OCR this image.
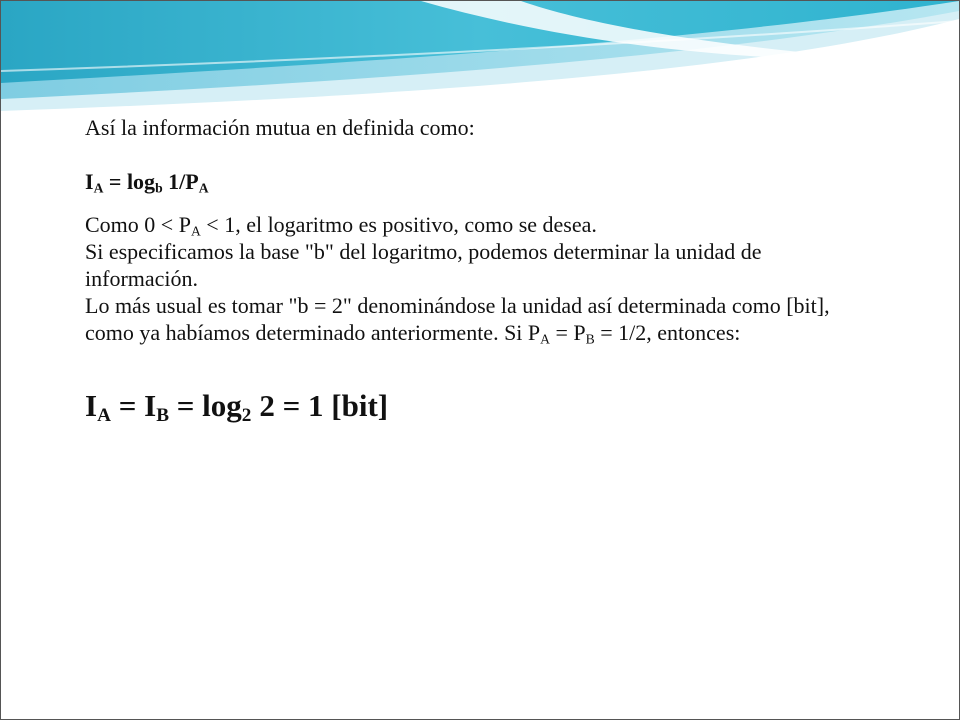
Así la información mutua en definida como:

$I_A = \log_b 1/P_A$

Como $0 < P_A < 1$, el logaritmo es positivo, como se desea.

Si especificamos la base "b" del logaritmo, podemos determinar la unidad de información.

Lo más usual es tomar "b = 2" denominándose la unidad así determinada como [bit], como ya habíamos determinado anteriormente. Si $P_A = P_B = 1/2$, entonces:

$I_A = I_B = \log_2 2 = 1$ [bit]
